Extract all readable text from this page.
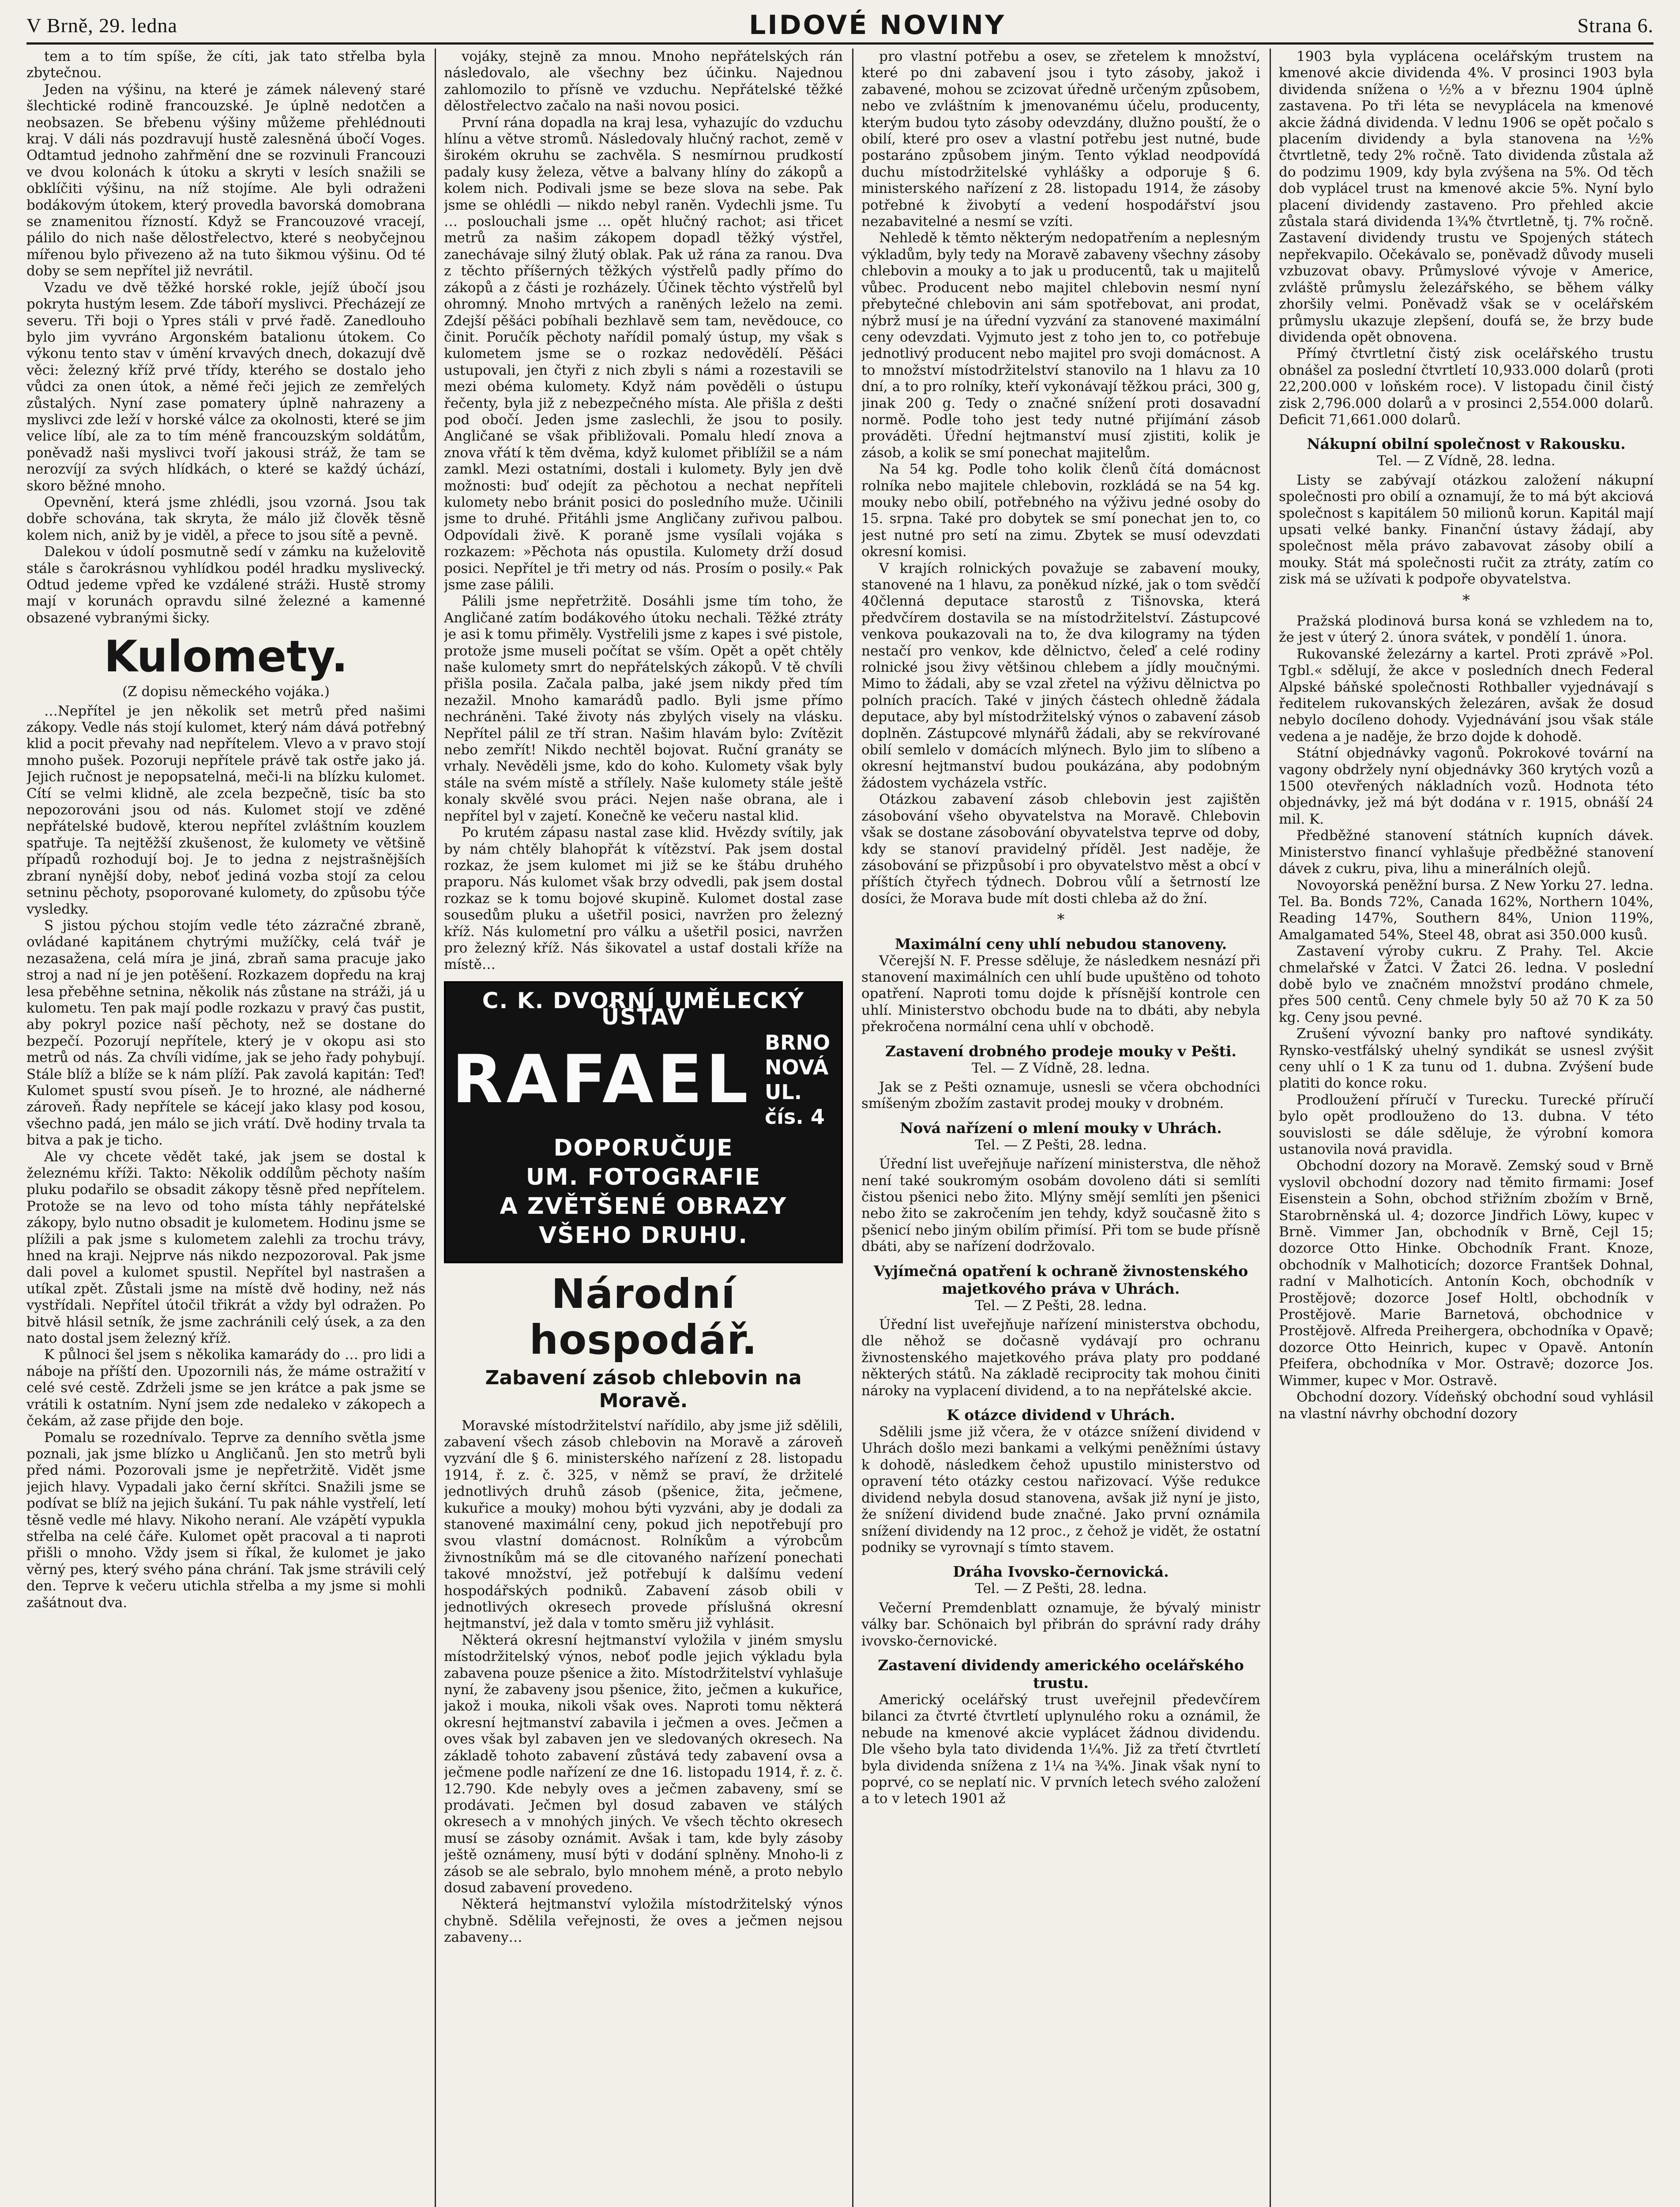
V Brně, 29. ledna	LIDOVÉ NOVINY	Strana 6.

tem a to tím spíše, že cíti, jak tato střelba byla zbytečnou.

Jeden na výšinu, na které je zámek nálevený staré šlechtické rodině francouzské. Je úplně nedotčen a neobsazen. Se břebenu výšiny můžeme přehlédnouti kraj. V dáli nás pozdravují hustě zalesněná úbočí Voges. Odtamtud jednoho zahřmění dne se rozvinuli Francouzi ve dvou kolonách k útoku a skryti v lesích snažili se obklíčiti výšinu, na níž stojíme. Ale byli odraženi bodákovým útokem, který provedla bavorská domobrana se znamenitou řízností. Když se Francouzové vracejí, pálilo do nich naše dělostřelectvo, které s neobyčejnou mířenou bylo přivezeno až na tuto šikmou výšinu. Od té doby se sem nepřítel již nevrátil.

Vzadu ve dvě těžké horské rokle, jejíž úbočí jsou pokryta hustým lesem. Zde táboří myslivci. Přecházejí ze severu. Tři boji o Ypres stáli v prvé řadě. Zanedlouho bylo jim vyvráno Argonském batalionu útokem. Co výkonu tento stav v úmění krvavých dnech, dokazují dvě věci: železný kříž prvé třídy, kterého se dostalo jeho vůdci za onen útok, a němé řeči jejich ze zemřelých zůstalých. Nyní zase pomatery úplně nahrazeny a myslivci zde leží v horské válce za okolnosti, které se jim velice líbí, ale za to tím méně francouzským soldátům, poněvadž naši myslivci tvoří jakousi stráž, že tam se nerozvíjí za svých hlídkách, o které se každý úchází, skoro běžné mnoho.

Opevnění, která jsme zhlédli, jsou vzorná. Jsou tak dobře schována, tak skryta, že málo již člověk těsně kolem nich, aniž by je viděl, a přece to jsou sítě a pevně.

Dalekou v údolí posmutně sedí v zámku na kuželovitě stále s čarokrásnou vyhlídkou podél hradku myslivecký. Odtud jedeme vpřed ke vzdálené stráži. Hustě stromy mají v korunách opravdu silné železné a kamenné obsazené vybranými šicky.

Kulomety.
(Z dopisu německého vojáka.)

…Nepřítel je jen několik set metrů před našimi zákopy. Vedle nás stojí kulomet, který nám dává potřebný klid a pocit převahy nad nepřítelem. Vlevo a v pravo stojí mnoho pušek. Pozoruji nepřítele právě tak ostře jako já. Jejich ručnost je nepopsatelná, meči-li na blízku kulomet. Cítí se velmi klidně, ale zcela bezpečně, tisíc ba sto nepozorováni jsou od nás. Kulomet stojí ve zděné nepřátelské budově, kterou nepřítel zvláštním kouzlem spatřuje. Ta nejtěžší zkušenost, že kulomety ve většině případů rozhodují boj. Je to jedna z nejstrašnějších zbraní nynější doby, neboť jediná vozba stojí za celou setninu pěchoty, psoporované kulomety, do způsobu týče vysledky.

S jistou pýchou stojím vedle této zázračné zbraně, ovládané kapitánem chytrými mužíčky, celá tvář je nezasažena, celá míra je jiná, zbraň sama pracuje jako stroj a nad ní je jen potěšení. Rozkazem dopředu na kraj lesa přeběhne setnina, několik nás zůstane na stráži, já u kulometu. Ten pak mají podle rozkazu v pravý čas pustit, aby pokryl pozice naší pěchoty, než se dostane do bezpečí. Pozorují nepřítele, který je v okopu asi sto metrů od nás. Za chvíli vidíme, jak se jeho řady pohybují. Stále blíž a blíže se k nám plíží. Pak zavolá kapitán: Teď! Kulomet spustí svou píseň. Je to hrozné, ale nádherné zároveň. Řady nepřítele se kácejí jako klasy pod kosou, všechno padá, jen málo se jich vrátí. Dvě hodiny trvala ta bitva a pak je ticho.

Ale vy chcete vědět také, jak jsem se dostal k železnému kříži. Takto: Několik oddílům pěchoty naším pluku podařilo se obsadit zákopy těsně před nepřítelem. Protože se na levo od toho místa táhly nepřátelské zákopy, bylo nutno obsadit je kulometem. Hodinu jsme se plížili a pak jsme s kulometem zalehli za trochu trávy, hned na kraji. Nejprve nás nikdo nezpozoroval. Pak jsme dali povel a kulomet spustil. Nepřítel byl nastrašen a utíkal zpět. Zůstali jsme na místě dvě hodiny, než nás vystřídali. Nepřítel útočil třikrát a vždy byl odražen. Po bitvě hlásil setník, že jsme zachránili celý úsek, a za den nato dostal jsem železný kříž.

K půlnoci šel jsem s několika kamarády do … pro lidi a náboje na příští den. Upozornili nás, že máme ostražití v celé své cestě. Zdrželi jsme se jen krátce a pak jsme se vrátili k ostatním. Nyní jsem zde nedaleko v zákopech a čekám, až zase přijde den boje.

Pomalu se rozednívalo. Teprve za denního světla jsme poznali, jak jsme blízko u Angličanů. Jen sto metrů byli před námi. Pozorovali jsme je nepřetržitě. Vidět jsme jejich hlavy. Vypadali jako černí skřítci. Snažili jsme se podívat se blíž na jejich šukání. Tu pak náhle vystřelí, letí těsně vedle mé hlavy. Nikoho neraní. Ale vzápětí vypukla střelba na celé čáře. Kulomet opět pracoval a ti naproti přišli o mnoho. Vždy jsem si říkal, že kulomet je jako věrný pes, který svého pána chrání. Tak jsme strávili celý den. Teprve k večeru utichla střelba a my jsme si mohli zašátnout dva.

vojáky, stejně za mnou. Mnoho nepřátelských rán následovalo, ale všechny bez účinku. Najednou zahlomozilo to přísně ve vzduchu. Nepřátelské těžké dělostřelectvo začalo na naši novou posici.

První rána dopadla na kraj lesa, vyhazujíc do vzduchu hlínu a větve stromů. Následovaly hlučný rachot, země v širokém okruhu se zachvěla. S nesmírnou prudkostí padaly kusy železa, větve a balvany hlíny do zákopů a kolem nich. Podivali jsme se beze slova na sebe. Pak jsme se ohlédli — nikdo nebyl raněn. Vydechli jsme. Tu … poslouchali jsme … opět hlučný rachot; asi třicet metrů za našim zákopem dopadl těžký výstřel, zanechávaje silný žlutý oblak. Pak už rána za ranou. Dva z těchto příšerných těžkých výstřelů padly přímo do zákopů a z části je rozházely. Účinek těchto výstřelů byl ohromný. Mnoho mrtvých a raněných leželo na zemi. Zdejší pěšáci pobíhali bezhlavě sem tam, nevědouce, co činit. Poručík pěchoty nařídil pomalý ústup, my však s kulometem jsme se o rozkaz nedovědělí. Pěšáci ustupovali, jen čtyři z nich zbyli s námi a rozestavili se mezi obéma kulomety. Když nám pověděli o ústupu řečenty, byla již z nebezpečného místa. Ale přišla z dešti pod obočí. Jeden jsme zaslechli, že jsou to posily. Angličané se však přibližovali. Pomalu hledí znova a znova vřátí k těm dvěma, když kulomet přiblížil se a nám zamkl. Mezi ostatními, dostali i kulomety. Byly jen dvě možnosti: buď odejít za pěchotou a nechat nepříteli kulomety nebo bránit posici do posledního muže. Učinili jsme to druhé. Přitáhli jsme Angličany zuřivou palbou. Odpovídali živě. K poraně jsme vysílali vojáka s rozkazem: »Pěchota nás opustila. Kulomety drží dosud posici. Nepřítel je tři metry od nás. Prosím o posily.« Pak jsme zase pálili.

Pálili jsme nepřetržitě. Dosáhli jsme tím toho, že Angličané zatím bodákového útoku nechali. Těžké ztráty je asi k tomu přiměly. Vystřelili jsme z kapes i své pistole, protože jsme museli počítat se vším. Opět a opět chtěly naše kulomety smrt do nepřátelských zákopů. V tě chvíli přišla posila. Začala palba, jaké jsem nikdy před tím nezažil. Mnoho kamarádů padlo. Byli jsme přímo nechráněni. Také životy nás zbylých visely na vlásku. Nepřítel pálil ze tří stran. Našim hlavám bylo: Zvítězit nebo zemřít! Nikdo nechtěl bojovat. Ruční granáty se vrhaly. Nevěděli jsme, kdo do koho. Kulomety však byly stále na svém místě a střílely. Naše kulomety stále ještě konaly skvělé svou práci. Nejen naše obrana, ale i nepřítel byl v zajetí. Konečně ke večeru nastal klid.

Po krutém zápasu nastal zase klid. Hvězdy svítily, jak by nám chtěly blahopřát k vítězství. Pak jsem dostal rozkaz, že jsem kulomet mi již se ke štábu druhého praporu. Nás kulomet však brzy odvedli, pak jsem dostal rozkaz se k tomu bojové skupině. Kulomet dostal zase sousedům pluku a ušetřil posici, navržen pro železný kříž. Nás kulometní pro válku a ušetřil posici, navržen pro železný kříž. Nás šikovatel a ustaf dostali kříže na místě…

C. K. DVORNÍ UMĚLECKÝ ÚSTAV
RAFAEL BRNO
NOVÁ UL.
čís. 4
DOPORUČUJE
UM. FOTOGRAFIE
A ZVĚTŠENÉ OBRAZY VŠEHO DRUHU.
Národní hospodář.
Zabavení zásob chlebovin na Moravě.

Moravské místodržitelství nařídilo, aby jsme již sdělili, zabavení všech zásob chlebovin na Moravě a zároveň vyzvání dle § 6. ministerského nařízení z 28. listopadu 1914, ř. z. č. 325, v němž se praví, že držitelé jednotlivých druhů zásob (pšenice, žita, ječmene, kukuřice a mouky) mohou býti vyzváni, aby je dodali za stanovené maximální ceny, pokud jich nepotřebují pro svou vlastní domácnost. Rolníkům a výrobcům živnostníkům má se dle citovaného nařízení ponechati takové množství, jež potřebují k dalšímu vedení hospodářských podniků. Zabavení zásob obili v jednotlivých okresech provede příslušná okresní hejtmanství, jež dala v tomto směru již vyhlásit.

Některá okresní hejtmanství vyložila v jiném smyslu místodržitelský výnos, neboť podle jejich výkladu byla zabavena pouze pšenice a žito. Místodržitelství vyhlašuje nyní, že zabaveny jsou pšenice, žito, ječmen a kukuřice, jakož i mouka, nikoli však oves. Naproti tomu některá okresní hejtmanství zabavila i ječmen a oves. Ječmen a oves však byl zabaven jen ve sledovaných okresech. Na základě tohoto zabavení zůstává tedy zabavení ovsa a ječmene podle nařízení ze dne 16. listopadu 1914, ř. z. č. 12.790. Kde nebyly oves a ječmen zabaveny, smí se prodávati. Ječmen byl dosud zabaven ve stálých okresech a v mnohých jiných. Ve všech těchto okresech musí se zásoby oznámit. Avšak i tam, kde byly zásoby ještě oznámeny, musí býti v dodání splněny. Mnoho-li z zásob se ale sebralo, bylo mnohem méně, a proto nebylo dosud zabavení provedeno.

Některá hejtmanství vyložila místodržitelský výnos chybně. Sdělila veřejnosti, že oves a ječmen nejsou zabaveny…

pro vlastní potřebu a osev, se zřetelem k množství, které po dni zabavení jsou i tyto zásoby, jakož i zabavené, mohou se zcizovat úředně určeným způsobem, nebo ve zvláštním k jmenovanému účelu, producenty, kterým budou tyto zásoby odevzdány, dlužno pouští, že o obilí, které pro osev a vlastní potřebu jest nutné, bude postaráno způsobem jiným. Tento výklad neodpovídá duchu místodržitelské vyhlášky a odporuje § 6. ministerského nařízení z 28. listopadu 1914, že zásoby potřebné k živobytí a vedení hospodářství jsou nezabavitelné a nesmí se vzíti.

Nehledě k těmto některým nedopatřením a neplesným výkladům, byly tedy na Moravě zabaveny všechny zásoby chlebovin a mouky a to jak u producentů, tak u majitelů vůbec. Producent nebo majitel chlebovin nesmí nyní přebytečné chlebovin ani sám spotřebovat, ani prodat, nýbrž musí je na úřední vyzvání za stanovené maximální ceny odevzdati. Vyjmuto jest z toho jen to, co potřebuje jednotlivý producent nebo majitel pro svoji domácnost. A to množství místodržitelství stanovilo na 1 hlavu za 10 dní, a to pro rolníky, kteří vykonávají těžkou práci, 300 g, jinak 200 g. Tedy o značné snížení proti dosavadní normě. Podle toho jest tedy nutné přijímání zásob prováděti. Úřední hejtmanství musí zjistiti, kolik je zásob, a kolik se smí ponechat majitelům.

Na 54 kg. Podle toho kolik členů čítá domácnost rolníka nebo majitele chlebovin, rozkládá se na 54 kg. mouky nebo obilí, potřebného na výživu jedné osoby do 15. srpna. Také pro dobytek se smí ponechat jen to, co jest nutné pro setí na zimu. Zbytek se musí odevzdati okresní komisi.

V krajích rolnických považuje se zabavení mouky, stanovené na 1 hlavu, za poněkud nízké, jak o tom svědčí 40členná deputace starostů z Tišnovska, která předvčírem dostavila se na místodržitelství. Zástupcové venkova poukazovali na to, že dva kilogramy na týden nestačí pro venkov, kde dělnictvo, čeleď a celé rodiny rolnické jsou živy většinou chlebem a jídly moučnými. Mimo to žádali, aby se vzal zřetel na výživu dělnictva po polních pracích. Také v jiných částech ohledně žádala deputace, aby byl místodržitelský výnos o zabavení zásob doplněn. Zástupcové mlynářů žádali, aby se rekvírované obilí semlelo v domácích mlýnech. Bylo jim to slíbeno a okresní hejtmanství budou poukázána, aby podobným žádostem vycházela vstříc.

Otázkou zabavení zásob chlebovin jest zajištěn zásobování všeho obyvatelstva na Moravě. Chlebovin však se dostane zásobování obyvatelstva teprve od doby, kdy se stanoví pravidelný příděl. Jest naděje, že zásobování se přizpůsobí i pro obyvatelstvo měst a obcí v příštích čtyřech týdnech. Dobrou vůlí a šetrností lze dosíci, že Morava bude mít dosti chleba až do žní.

*
Maximální ceny uhlí nebudou stanoveny.

Včerejší N. F. Presse sděluje, že následkem nesnází při stanovení maximálních cen uhlí bude upuštěno od tohoto opatření. Naproti tomu dojde k přísnější kontrole cen uhlí. Ministerstvo obchodu bude na to dbáti, aby nebyla překročena normální cena uhlí v obchodě.

Zastavení drobného prodeje mouky v Pešti.
Tel. — Z Vídně, 28. ledna.

Jak se z Pešti oznamuje, usnesli se včera obchodníci smíšeným zbožím zastavit prodej mouky v drobném.

Nová nařízení o mlení mouky v Uhrách.
Tel. — Z Pešti, 28. ledna.

Úřední list uveřejňuje nařízení ministerstva, dle něhož není také soukromým osobám dovoleno dáti si semlíti čistou pšenici nebo žito. Mlýny smějí semlíti jen pšenici nebo žito se zakročením jen tehdy, když současně žito s pšenicí nebo jiným obilím přimísí. Při tom se bude přísně dbáti, aby se nařízení dodržovalo.

Vyjímečná opatření k ochraně živnostenského majetkového práva v Uhrách.
Tel. — Z Pešti, 28. ledna.

Úřední list uveřejňuje nařízení ministerstva obchodu, dle něhož se dočasně vydávají pro ochranu živnostenského majetkového práva platy pro poddané některých států. Na základě reciprocity tak mohou činiti nároky na vyplacení dividend, a to na nepřátelské akcie.

K otázce dividend v Uhrách.

Sdělili jsme již včera, že v otázce snížení dividend v Uhrách došlo mezi bankami a velkými peněžními ústavy k dohodě, následkem čehož upustilo ministerstvo od opravení této otázky cestou nařizovací. Výše redukce dividend nebyla dosud stanovena, avšak již nyní je jisto, že snížení dividend bude značné. Jako první oznámila snížení dividendy na 12 proc., z čehož je vidět, že ostatní podniky se vyrovnají s tímto stavem.

Dráha Ivovsko-černovická.
Tel. — Z Pešti, 28. ledna.

Večerní Premdenblatt oznamuje, že bývalý ministr války bar. Schönaich byl přibrán do správní rady dráhy ivovsko-černovické.

Zastavení dividendy amerického ocelářského trustu.

Americký ocelářský trust uveřejnil předevčírem bilanci za čtvrté čtvrtletí uplynulého roku a oznámil, že nebude na kmenové akcie vyplácet žádnou dividendu. Dle všeho byla tato dividenda 1¼%. Již za třetí čtvrtletí byla dividenda snížena z 1¼ na ¾%. Jinak však nyní to poprvé, co se neplatí nic. V prvních letech svého založení a to v letech 1901 až

1903 byla vyplácena ocelářským trustem na kmenové akcie dividenda 4%. V prosinci 1903 byla dividenda snížena o ½% a v březnu 1904 úplně zastavena. Po tři léta se nevyplácela na kmenové akcie žádná dividenda. V lednu 1906 se opět počalo s placením dividendy a byla stanovena na ½% čtvrtletně, tedy 2% ročně. Tato dividenda zůstala až do podzimu 1909, kdy byla zvýšena na 5%. Od těch dob vyplácel trust na kmenové akcie 5%. Nyní bylo placení dividendy zastaveno. Pro přehled akcie zůstala stará dividenda 1¾% čtvrtletně, tj. 7% ročně. Zastavení dividendy trustu ve Spojených státech nepřekvapilo. Očekávalo se, poněvadž důvody museli vzbuzovat obavy. Průmyslové vývoje v Americe, zvláště průmyslu železářského, se během války zhoršily velmi. Poněvadž však se v ocelářském průmyslu ukazuje zlepšení, doufá se, že brzy bude dividenda opět obnovena.

Přímý čtvrtletní čistý zisk ocelářského trustu obnášel za poslední čtvrtletí 10,933.000 dolarů (proti 22,200.000 v loňském roce). V listopadu činil čistý zisk 2,796.000 dolarů a v prosinci 2,554.000 dolarů. Deficit 71,661.000 dolarů.

Nákupní obilní společnost v Rakousku.
Tel. — Z Vídně, 28. ledna.

Listy se zabývají otázkou založení nákupní společnosti pro obilí a oznamují, že to má být akciová společnost s kapitálem 50 milionů korun. Kapitál mají upsati velké banky. Finanční ústavy žádají, aby společnost měla právo zabavovat zásoby obilí a mouky. Stát má společnosti ručit za ztráty, zatím co zisk má se užívati k podpoře obyvatelstva.

*

Pražská plodinová bursa koná se vzhledem na to, že jest v úterý 2. února svátek, v pondělí 1. února.

Rukovanské železárny a kartel. Proti zprávě »Pol. Tgbl.« sdělují, že akce v posledních dnech Federal Alpské báňské společnosti Rothballer vyjednávají s ředitelem rukovanských železáren, avšak že dosud nebylo docíleno dohody. Vyjednávání jsou však stále vedena a je naděje, že brzo dojde k dohodě.

Státní objednávky vagonů. Pokrokové tovární na vagony obdržely nyní objednávky 360 krytých vozů a 1500 otevřených nákladních vozů. Hodnota této objednávky, jež má být dodána v r. 1915, obnáší 24 mil. K.

Předběžné stanovení státních kupních dávek. Ministerstvo financí vyhlašuje předběžné stanovení dávek z cukru, piva, lihu a minerálních olejů.

Novoyorská peněžní bursa. Z New Yorku 27. ledna. Tel. Ba. Bonds 72%, Canada 162%, Northern 104%, Reading 147%, Southern 84%, Union 119%, Amalgamated 54%, Steel 48, obrat asi 350.000 kusů.

Zastavení výroby cukru. Z Prahy. Tel. Akcie chmelařské v Žatci. V Žatci 26. ledna. V poslední době bylo ve značném množství prodáno chmele, přes 500 centů. Ceny chmele byly 50 až 70 K za 50 kg. Ceny jsou pevné.

Zrušení vývozní banky pro naftové syndikáty. Rynsko-vestfálský uhelný syndikát se usnesl zvýšit ceny uhlí o 1 K za tunu od 1. dubna. Zvýšení bude platiti do konce roku.

Prodloužení příručí v Turecku. Turecké příručí bylo opět prodlouženo do 13. dubna. V této souvislosti se dále sděluje, že výrobní komora ustanovila nová pravidla.

Obchodní dozory na Moravě. Zemský soud v Brně vyslovil obchodní dozory nad těmito firmami: Josef Eisenstein a Sohn, obchod střižním zbožím v Brně, Starobrněnská ul. 4; dozorce Jindřich Löwy, kupec v Brně. Vimmer Jan, obchodník v Brně, Cejl 15; dozorce Otto Hinke. Obchodník Frant. Knoze, obchodník v Malhoticích; dozorce Frantšek Dohnal, radní v Malhoticích. Antonín Koch, obchodník v Prostějově; dozorce Josef Holtl, obchodník v Prostějově. Marie Barnetová, obchodnice v Prostějově. Alfreda Preihergera, obchodníka v Opavě; dozorce Otto Heinrich, kupec v Opavě. Antonín Pfeifera, obchodníka v Mor. Ostravě; dozorce Jos. Wimmer, kupec v Mor. Ostravě.

Obchodní dozory. Vídeňský obchodní soud vyhlásil na vlastní návrhy obchodní dozory
